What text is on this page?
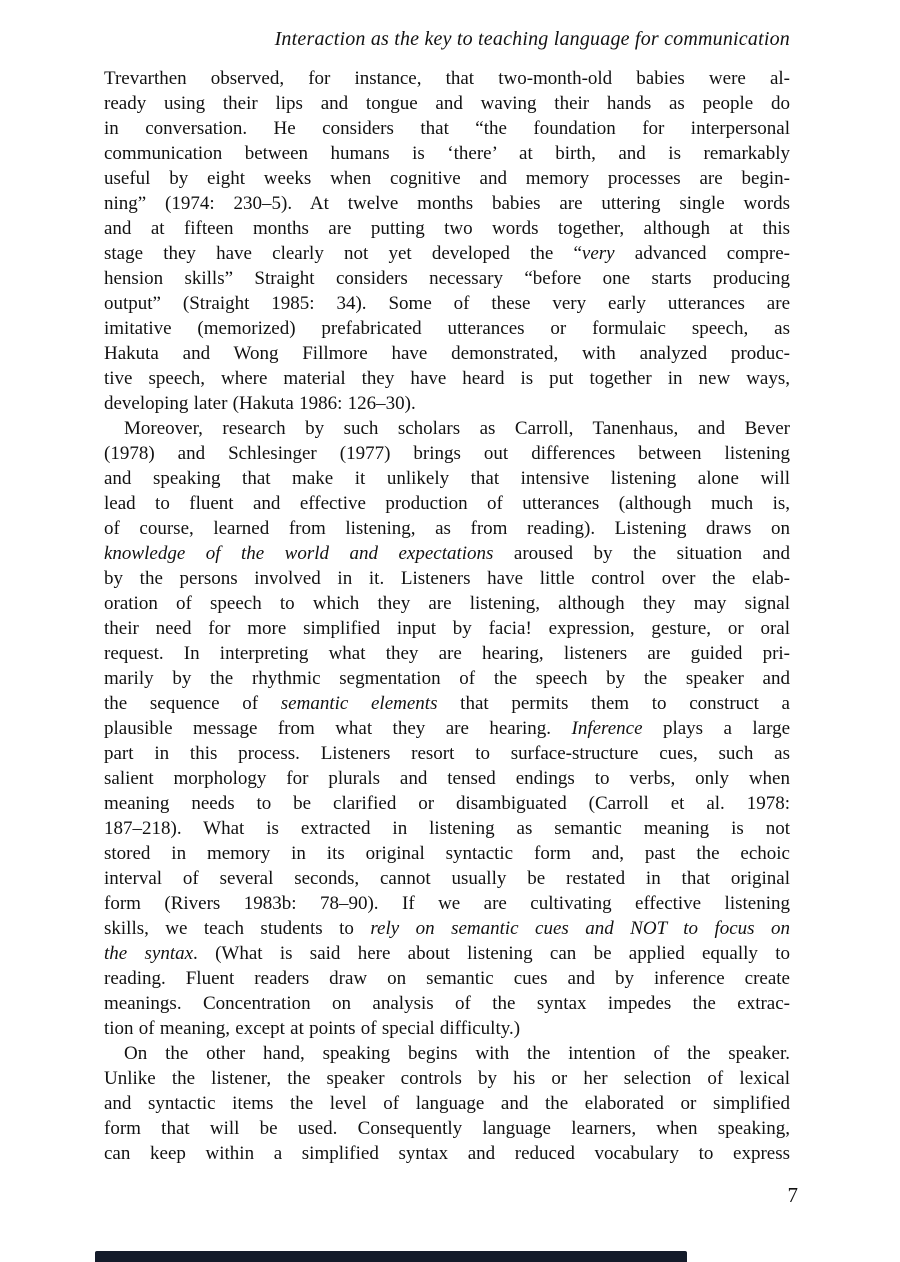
Interaction as the key to teaching language for communication
Trevarthen observed, for instance, that two-month-old babies were al-
ready using their lips and tongue and waving their hands as people do
in conversation. He considers that “the foundation for interpersonal
communication between humans is ‘there’ at birth, and is remarkably
useful by eight weeks when cognitive and memory processes are begin-
ning” (1974: 230–5). At twelve months babies are uttering single words
and at fifteen months are putting two words together, although at this
stage they have clearly not yet developed the “very advanced compre-
hension skills” Straight considers necessary “before one starts producing
output” (Straight 1985: 34). Some of these very early utterances are
imitative (memorized) prefabricated utterances or formulaic speech, as
Hakuta and Wong Fillmore have demonstrated, with analyzed produc-
tive speech, where material they have heard is put together in new ways,
developing later (Hakuta 1986: 126–30).
Moreover, research by such scholars as Carroll, Tanenhaus, and Bever
(1978) and Schlesinger (1977) brings out differences between listening
and speaking that make it unlikely that intensive listening alone will
lead to fluent and effective production of utterances (although much is,
of course, learned from listening, as from reading). Listening draws on
knowledge of the world and expectations aroused by the situation and
by the persons involved in it. Listeners have little control over the elab-
oration of speech to which they are listening, although they may signal
their need for more simplified input by facia! expression, gesture, or oral
request. In interpreting what they are hearing, listeners are guided pri-
marily by the rhythmic segmentation of the speech by the speaker and
the sequence of semantic elements that permits them to construct a
plausible message from what they are hearing. Inference plays a large
part in this process. Listeners resort to surface-structure cues, such as
salient morphology for plurals and tensed endings to verbs, only when
meaning needs to be clarified or disambiguated (Carroll et al. 1978:
187–218). What is extracted in listening as semantic meaning is not
stored in memory in its original syntactic form and, past the echoic
interval of several seconds, cannot usually be restated in that original
form (Rivers 1983b: 78–90). If we are cultivating effective listening
skills, we teach students to rely on semantic cues and NOT to focus on
the syntax. (What is said here about listening can be applied equally to
reading. Fluent readers draw on semantic cues and by inference create
meanings. Concentration on analysis of the syntax impedes the extrac-
tion of meaning, except at points of special difficulty.)
On the other hand, speaking begins with the intention of the speaker.
Unlike the listener, the speaker controls by his or her selection of lexical
and syntactic items the level of language and the elaborated or simplified
form that will be used. Consequently language learners, when speaking,
can keep within a simplified syntax and reduced vocabulary to express
7
